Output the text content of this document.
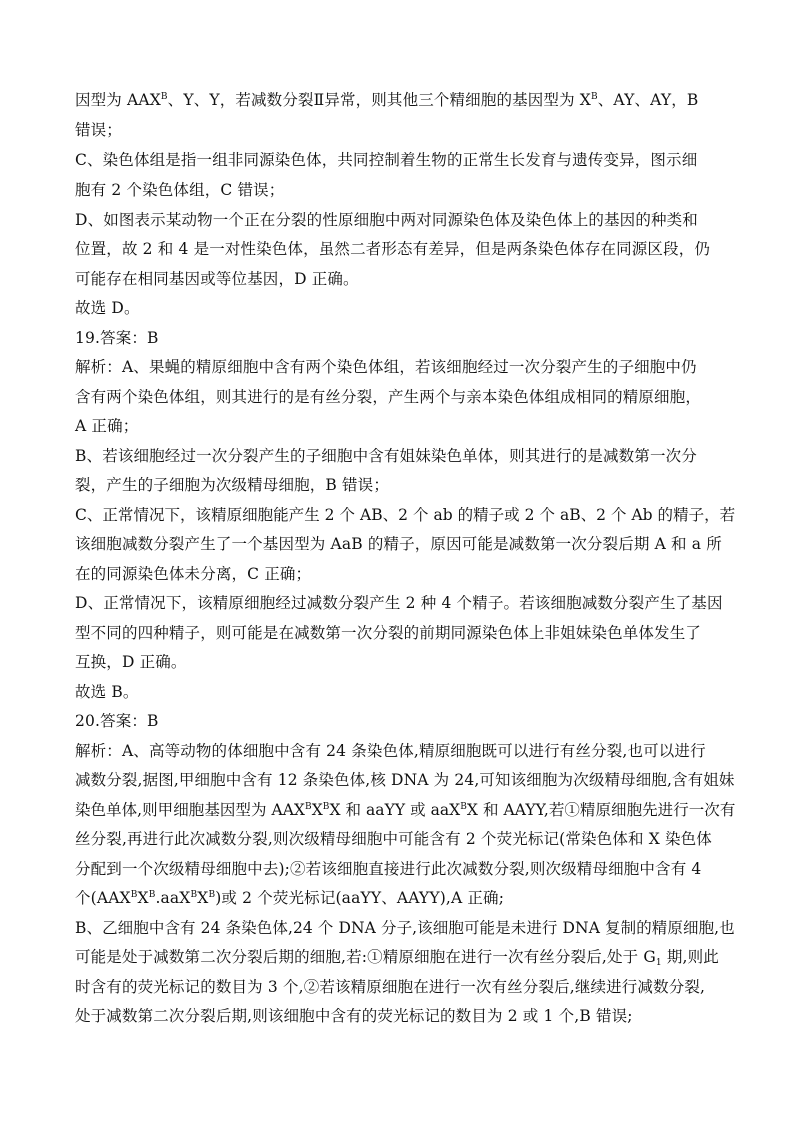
因型为 $AAX^B$、Y、Y，若减数分裂Ⅱ异常，则其他三个精细胞的基因型为 $X^B$、AY、AY，B
错误；
C、染色体组是指一组非同源染色体，共同控制着生物的正常生长发育与遗传变异，图示细
胞有 2 个染色体组，C 错误；
D、如图表示某动物一个正在分裂的性原细胞中两对同源染色体及染色体上的基因的种类和
位置，故 2 和 4 是一对性染色体，虽然二者形态有差异，但是两条染色体存在同源区段，仍
可能存在相同基因或等位基因，D 正确。
故选 D。
19.答案：B
解析：A、果蝇的精原细胞中含有两个染色体组，若该细胞经过一次分裂产生的子细胞中仍
含有两个染色体组，则其进行的是有丝分裂，产生两个与亲本染色体组成相同的精原细胞，
A 正确；
B、若该细胞经过一次分裂产生的子细胞中含有姐妹染色单体，则其进行的是减数第一次分
裂，产生的子细胞为次级精母细胞，B 错误；
C、正常情况下，该精原细胞能产生 2 个 AB、2 个 ab 的精子或 2 个 aB、2 个 Ab 的精子，若
该细胞减数分裂产生了一个基因型为 AaB 的精子，原因可能是减数第一次分裂后期 A 和 a 所
在的同源染色体未分离，C 正确；
D、正常情况下，该精原细胞经过减数分裂产生 2 种 4 个精子。若该细胞减数分裂产生了基因
型不同的四种精子，则可能是在减数第一次分裂的前期同源染色体上非姐妹染色单体发生了
互换，D 正确。
故选 B。
20.答案：B
解析：A、高等动物的体细胞中含有 24 条染色体,精原细胞既可以进行有丝分裂,也可以进行
减数分裂,据图,甲细胞中含有 12 条染色体,核 DNA 为 24,可知该细胞为次级精母细胞,含有姐妹
染色单体,则甲细胞基因型为 $AAX^BX^BX$ 和 aaYY 或 aaX$^B$X 和 AAYY,若①精原细胞先进行一次有
丝分裂,再进行此次减数分裂,则次级精母细胞中可能含有 2 个荧光标记(常染色体和 X 染色体
分配到一个次级精母细胞中去);②若该细胞直接进行此次减数分裂,则次级精母细胞中含有 4
个$(AAX^BX^B.aaX^BX^B)$或 2 个荧光标记(aaYY、AAYY),A 正确;
B、乙细胞中含有 24 条染色体,24 个 DNA 分子,该细胞可能是未进行 DNA 复制的精原细胞,也
可能是处于减数第二次分裂后期的细胞,若:①精原细胞在进行一次有丝分裂后,处于 $G_1$ 期,则此
时含有的荧光标记的数目为 3 个,②若该精原细胞在进行一次有丝分裂后,继续进行减数分裂,
处于减数第二次分裂后期,则该细胞中含有的荧光标记的数目为 2 或 1 个,B 错误;
